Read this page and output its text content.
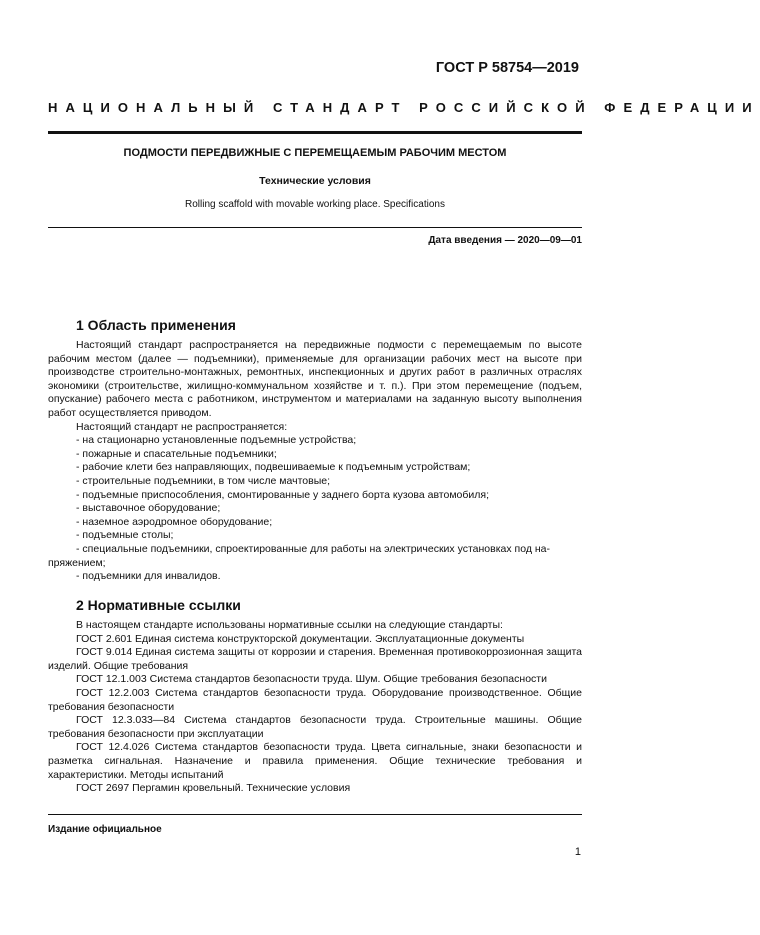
ГОСТ Р 58754—2019
НАЦИОНАЛЬНЫЙ СТАНДАРТ РОССИЙСКОЙ ФЕДЕРАЦИИ
ПОДМОСТИ ПЕРЕДВИЖНЫЕ С ПЕРЕМЕЩАЕМЫМ РАБОЧИМ МЕСТОМ
Технические условия
Rolling scaffold with movable working place. Specifications
Дата введения — 2020—09—01
1 Область применения

Настоящий стандарт распространяется на передвижные подмости с перемещаемым по высоте рабочим местом (далее — подъемники), применяемые для организации рабочих мест на высоте при производстве строительно-монтажных, ремонтных, инспекционных и других работ в различных отраслях экономики (строительстве, жилищно-коммунальном хозяйстве и т. п.). При этом перемещение (подъем, опускание) рабочего места с работником, инструментом и материалами на заданную высоту выполнения работ осуществляется приводом.

Настоящий стандарт не распространяется:

- на стационарно установленные подъемные устройства;

- пожарные и спасательные подъемники;

- рабочие клети без направляющих, подвешиваемые к подъемным устройствам;

- строительные подъемники, в том числе мачтовые;

- подъемные приспособления, смонтированные у заднего борта кузова автомобиля;

- выставочное оборудование;

- наземное аэродромное оборудование;

- подъемные столы;

- специальные подъемники, спроектированные для работы на электрических установках под на-

пряжением;

- подъемники для инвалидов.

2 Нормативные ссылки

В настоящем стандарте использованы нормативные ссылки на следующие стандарты:

ГОСТ 2.601 Единая система конструкторской документации. Эксплуатационные документы

ГОСТ 9.014 Единая система защиты от коррозии и старения. Временная противокоррозионная защита изделий. Общие требования

ГОСТ 12.1.003 Система стандартов безопасности труда. Шум. Общие требования безопасности

ГОСТ 12.2.003 Система стандартов безопасности труда. Оборудование производственное. Общие требования безопасности

ГОСТ 12.3.033—84 Система стандартов безопасности труда. Строительные машины. Общие требования безопасности при эксплуатации

ГОСТ 12.4.026 Система стандартов безопасности труда. Цвета сигнальные, знаки безопасности и разметка сигнальная. Назначение и правила применения. Общие технические требования и характеристики. Методы испытаний

ГОСТ 2697 Пергамин кровельный. Технические условия

Издание официальное
1
